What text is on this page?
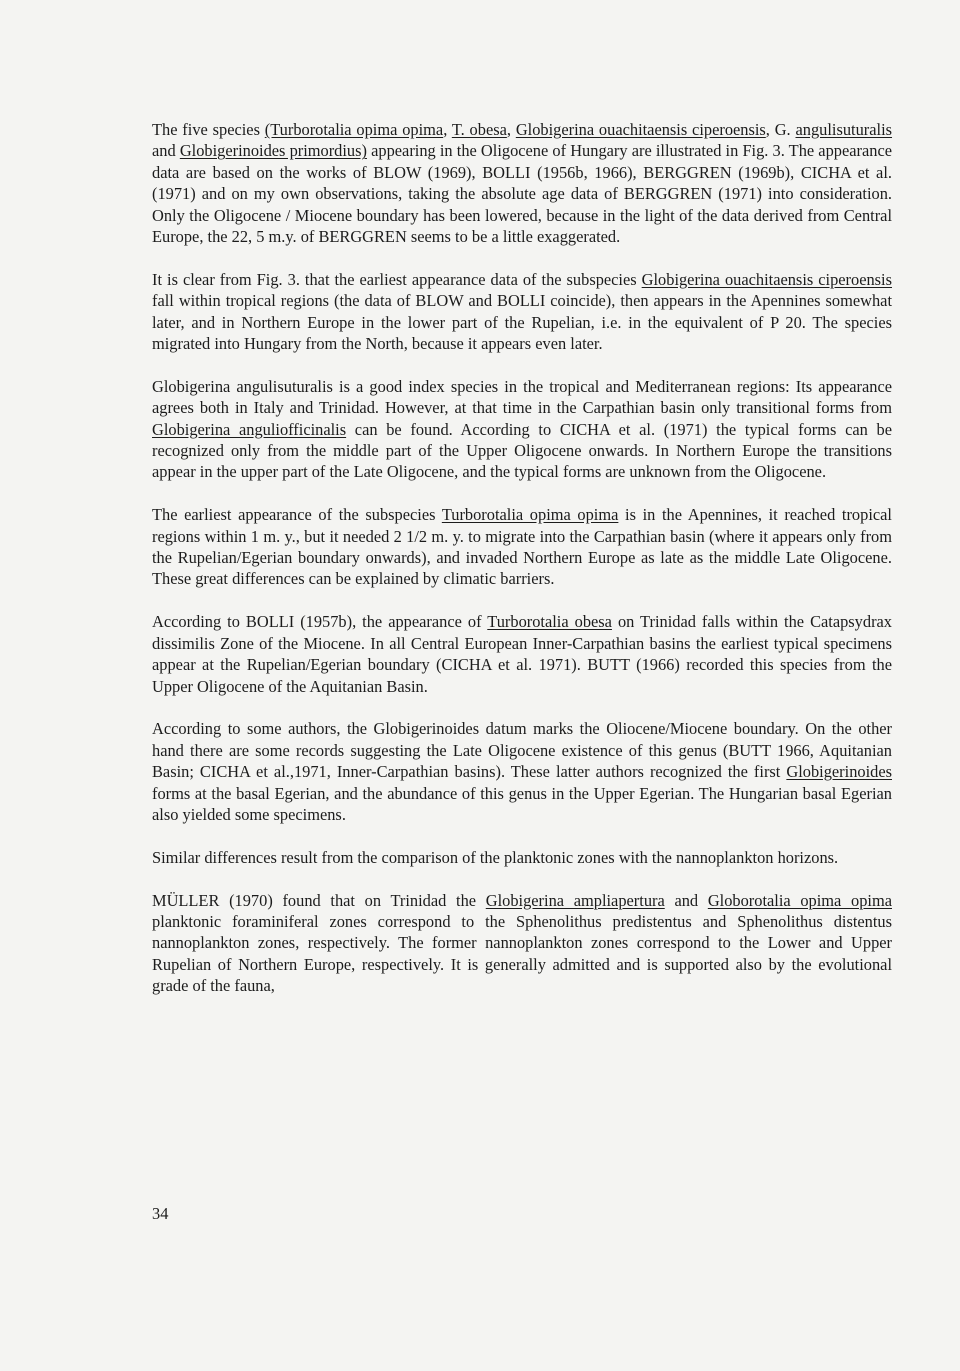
The five species (Turborotalia opima opima, T. obesa, Globigerina ouachitaensis ciperoensis, G. angulisuturalis and Globigerinoides primordius) appearing in the Oligocene of Hungary are illustrated in Fig. 3. The appearance data are based on the works of BLOW (1969), BOLLI (1956b, 1966), BERGGREN (1969b), CICHA et al. (1971) and on my own observations, taking the absolute age data of BERGGREN (1971) into consideration. Only the Oligocene / Miocene boundary has been lowered, because in the light of the data derived from Central Europe, the 22, 5 m.y. of BERGGREN seems to be a little exaggerated.

It is clear from Fig. 3. that the earliest appearance data of the subspecies Globigerina ouachitaensis ciperoensis fall within tropical regions (the data of BLOW and BOLLI coincide), then appears in the Apennines somewhat later, and in Northern Europe in the lower part of the Rupelian, i.e. in the equivalent of P 20. The species migrated into Hungary from the North, because it appears even later.

Globigerina angulisuturalis is a good index species in the tropical and Mediterranean regions: Its appearance agrees both in Italy and Trinidad. However, at that time in the Carpathian basin only transitional forms from Globigerina anguliofficinalis can be found. According to CICHA et al. (1971) the typical forms can be recognized only from the middle part of the Upper Oligocene onwards. In Northern Europe the transitions appear in the upper part of the Late Oligocene, and the typical forms are unknown from the Oligocene.

The earliest appearance of the subspecies Turborotalia opima opima is in the Apennines, it reached tropical regions within 1 m. y., but it needed 2 1/2 m. y. to migrate into the Carpathian basin (where it appears only from the Rupelian/Egerian boundary onwards), and invaded Northern Europe as late as the middle Late Oligocene. These great differences can be explained by climatic barriers.

According to BOLLI (1957b), the appearance of Turborotalia obesa on Trinidad falls within the Catapsydrax dissimilis Zone of the Miocene. In all Central European Inner-Carpathian basins the earliest typical specimens appear at the Rupelian/Egerian boundary (CICHA et al. 1971). BUTT (1966) recorded this species from the Upper Oligocene of the Aquitanian Basin.

According to some authors, the Globigerinoides datum marks the Oliocene/Miocene boundary. On the other hand there are some records suggesting the Late Oligocene existence of this genus (BUTT 1966, Aquitanian Basin; CICHA et al.,1971, Inner-Carpathian basins). These latter authors recognized the first Globigerinoides forms at the basal Egerian, and the abundance of this genus in the Upper Egerian. The Hungarian basal Egerian also yielded some specimens.

Similar differences result from the comparison of the planktonic zones with the nannoplankton horizons.

MÜLLER (1970) found that on Trinidad the Globigerina ampliapertura and Globorotalia opima opima planktonic foraminiferal zones correspond to the Sphenolithus predistentus and Sphenolithus distentus nannoplankton zones, respectively. The former nannoplankton zones correspond to the Lower and Upper Rupelian of Northern Europe, respectively. It is generally admitted and is supported also by the evolutional grade of the fauna,

34
